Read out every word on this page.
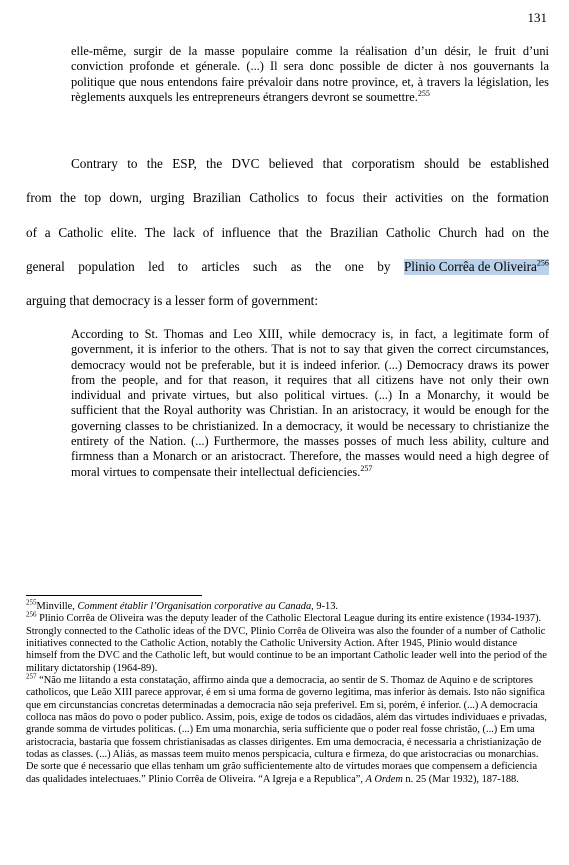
131
elle-même, surgir de la masse populaire comme la réalisation d’un désir, le fruit d’uni conviction profonde et génerale. (...) Il sera donc possible de dicter à nos gouvernants la politique que nous entendons faire prévaloir dans notre province, et, à travers la législation, les règlements auxquels les entrepreneurs étrangers devront se soumettre.$^{255}$
Contrary to the ESP, the DVC believed that corporatism should be established
from the top down, urging Brazilian Catholics to focus their activities on the formation
of a Catholic elite. The lack of influence that the Brazilian Catholic Church had on the
general population led to articles such as the one by Plinio Corrêa de Oliveira$^{256}$
arguing that democracy is a lesser form of government:
According to St. Thomas and Leo XIII, while democracy is, in fact, a legitimate form of government, it is inferior to the others. That is not to say that given the correct circumstances, democracy would not be preferable, but it is indeed inferior. (...) Democracy draws its power from the people, and for that reason, it requires that all citizens have not only their own individual and private virtues, but also political virtues. (...) In a Monarchy, it would be sufficient that the Royal authority was Christian. In an aristocracy, it would be enough for the governing classes to be christianized. In a democracy, it would be necessary to christianize the entirety of the Nation. (...) Furthermore, the masses posses of much less ability, culture and firmness than a Monarch or an aristocract. Therefore, the masses would need a high degree of moral virtues to compensate their intellectual deficiencies.$^{257}$

$^{255}$Minville, Comment établir l’Organisation corporative au Canada, 9-13.

$^{256}$ Plinio Corrêa de Oliveira was the deputy leader of the Catholic Electoral League during its entire existence (1934-1937). Strongly connected to the Catholic ideas of the DVC, Plinio Corrêa de Oliveira was also the founder of a number of Catholic initiatives connected to the Catholic Action, notably the Catholic University Action. After 1945, Plinio would distance himself from the DVC and the Catholic left, but would continue to be an important Catholic leader well into the period of the military dictatorship (1964-89).

$^{257}$ “Não me liitando a esta constatação, affirmo ainda que a democracia, ao sentir de S. Thomaz de Aquino e de scriptores catholicos, que Leão XIII parece approvar, é em si uma forma de governo legitima, mas inferior às demais. Isto não significa que em circunstancias concretas determinadas a democracia não seja preferivel. Em si, porém, é inferior. (...) A democracia colloca nas mãos do povo o poder publico. Assim, pois, exige de todos os cidadãos, além das virtudes individuaes e privadas, grande somma de virtudes politicas. (...) Em uma monarchia, seria sufficiente que o poder real fosse christão, (...) Em uma aristocracia, bastaria que fossem christianisadas as classes dirigentes. Em uma democracia, é necessaria a christianização de todas as classes. (...) Aliás, as massas teem muito menos perspicacia, cultura e firmeza, do que aristocracias ou monarchias. De sorte que é necessario que ellas tenham um grão sufficientemente alto de virtudes moraes que compensem a deficiencia das qualidades intelectuaes.” Plinio Corrêa de Oliveira. “A Igreja e a Republica”, A Ordem n. 25 (Mar 1932), 187-188.
